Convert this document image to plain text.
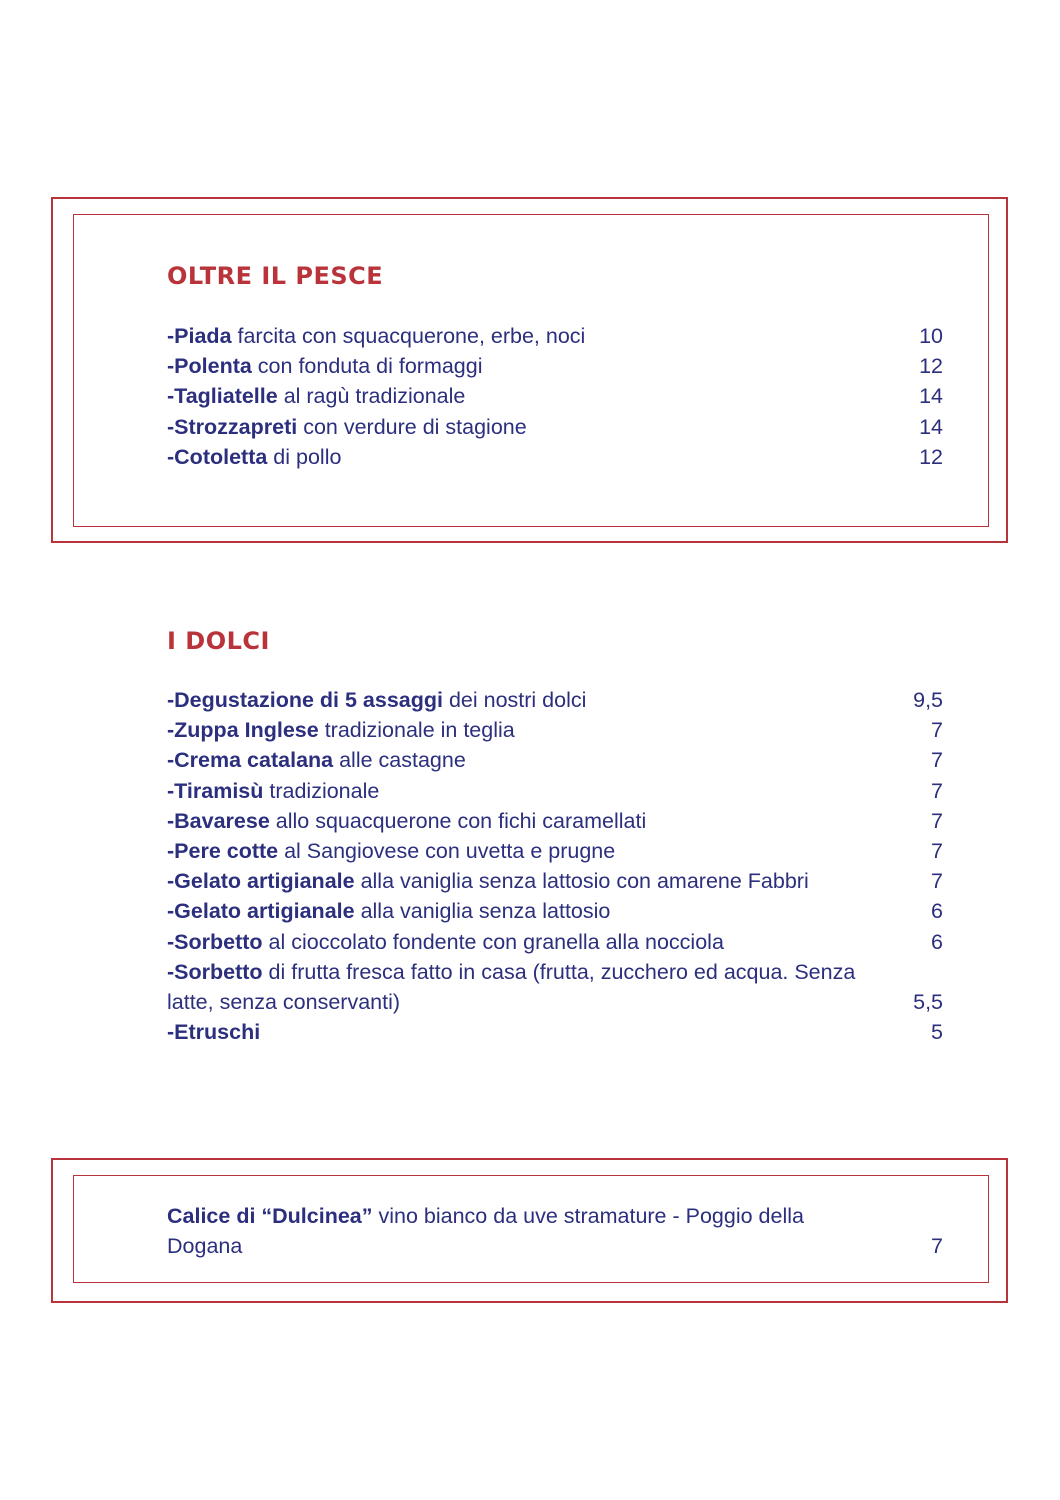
OLTRE IL PESCE
-Piada farcita con squacquerone, erbe, noci	10
-Polenta con fonduta di formaggi	12
-Tagliatelle al ragù tradizionale	14
-Strozzapreti con verdure di stagione	14
-Cotoletta di pollo	12
I DOLCI
-Degustazione di 5 assaggi dei nostri dolci	9,5
-Zuppa Inglese tradizionale in teglia	7
-Crema catalana alle castagne	7
-Tiramisù tradizionale	7
-Bavarese allo squacquerone con fichi caramellati	7
-Pere cotte al Sangiovese con uvetta e prugne	7
-Gelato artigianale alla vaniglia senza lattosio con amarene Fabbri	7
-Gelato artigianale alla vaniglia senza lattosio	6
-Sorbetto al cioccolato fondente con granella alla nocciola	6
-Sorbetto di frutta fresca fatto in casa (frutta, zucchero ed acqua. Senza latte, senza conservanti)	5,5
-Etruschi	5
Calice di “Dulcinea” vino bianco da uve stramature - Poggio della Dogana	7
